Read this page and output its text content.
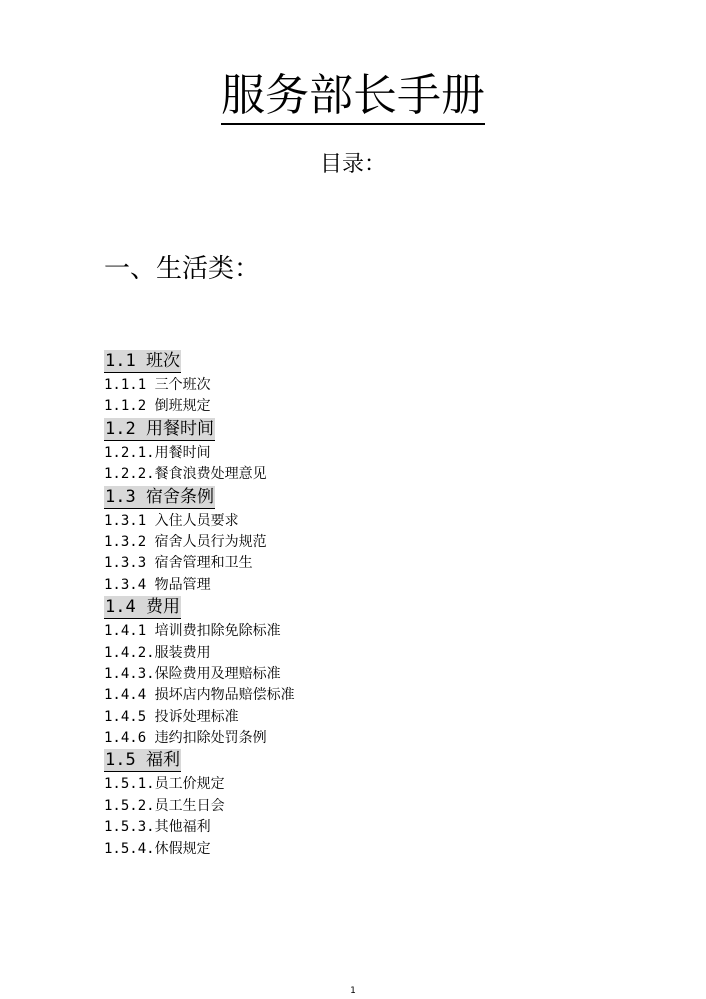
服务部长手册
目录：
一、生活类：
1.1 班次
1.1.1 三个班次
1.1.2 倒班规定
1.2 用餐时间
1.2.1.用餐时间
1.2.2.餐食浪费处理意见
1.3 宿舍条例
1.3.1 入住人员要求
1.3.2 宿舍人员行为规范
1.3.3 宿舍管理和卫生
1.3.4 物品管理
1.4 费用
1.4.1 培训费扣除免除标准
1.4.2.服装费用
1.4.3.保险费用及理赔标准
1.4.4 损坏店内物品赔偿标准
1.4.5 投诉处理标准
1.4.6 违约扣除处罚条例
1.5 福利
1.5.1.员工价规定
1.5.2.员工生日会
1.5.3.其他福利
1.5.4.休假规定
1
